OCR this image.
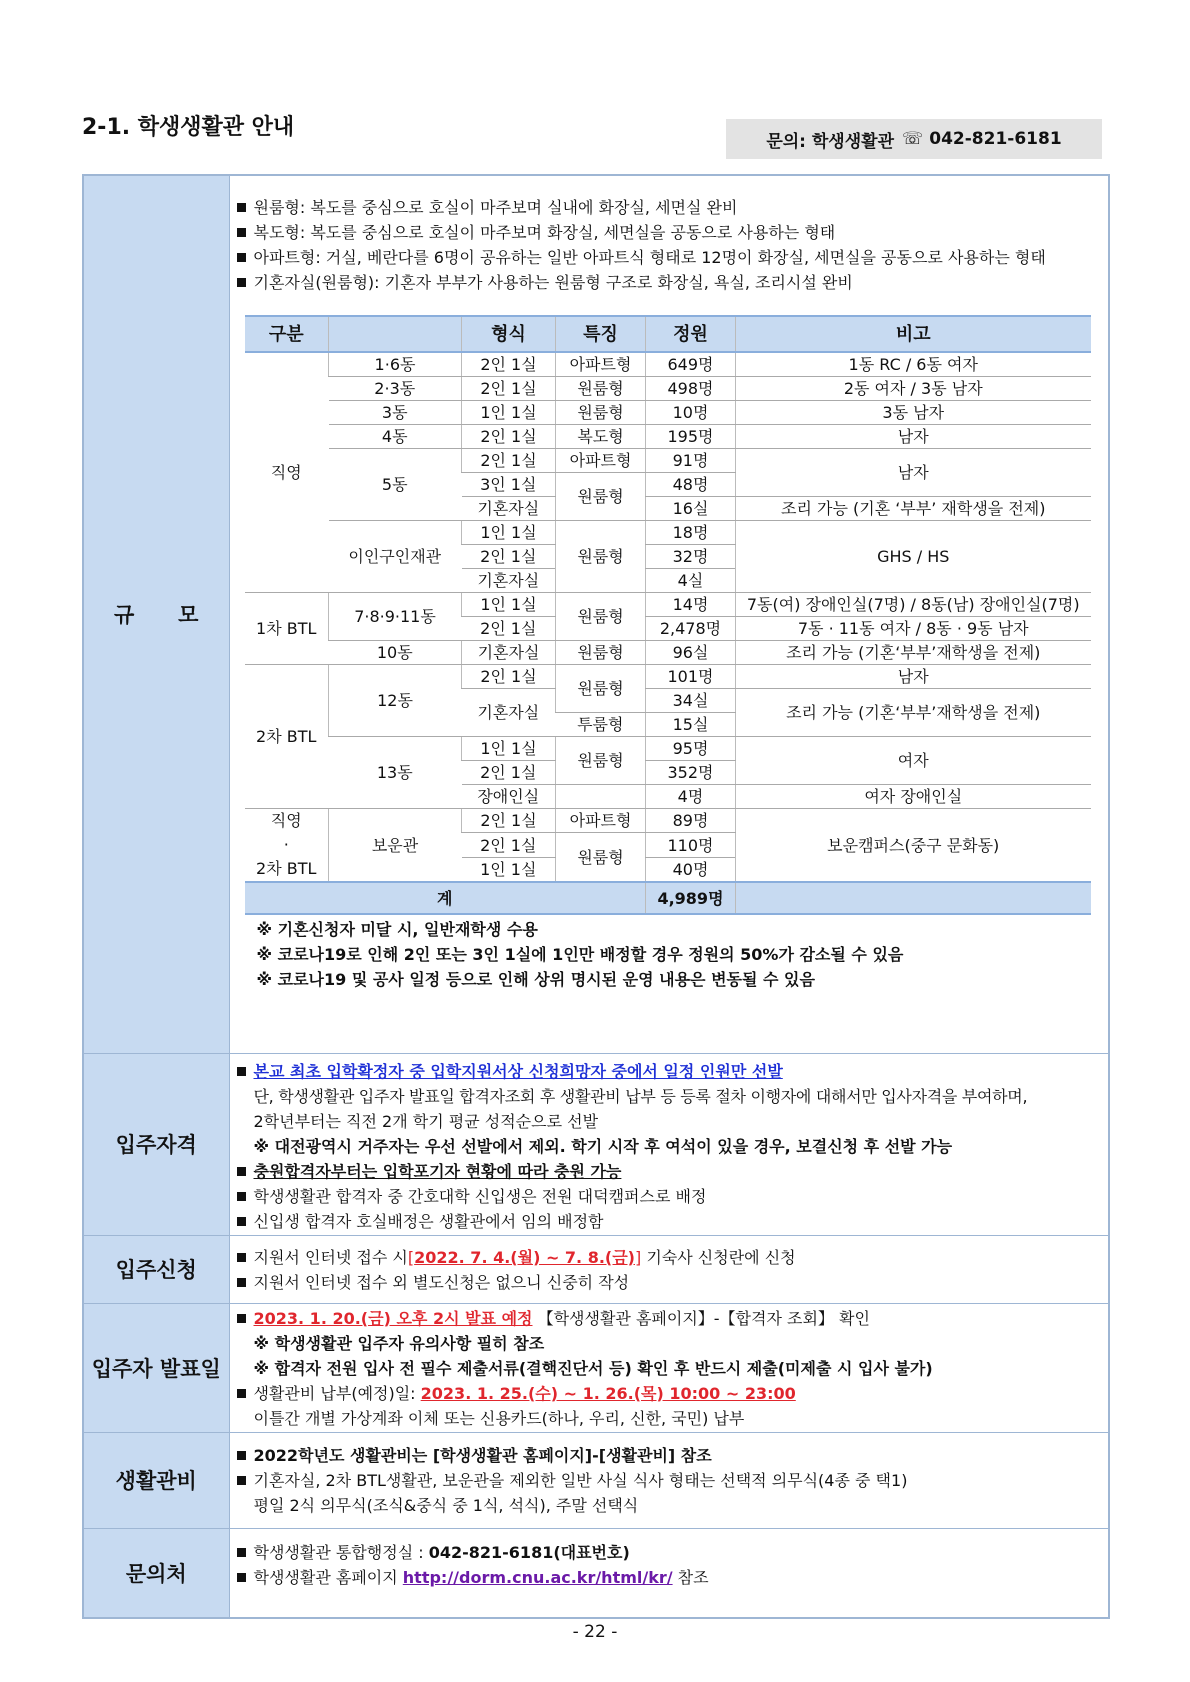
2-1. 학생생활관 안내
문의: 학생생활관 ☏ 042-821-6181
규      모	
원룸형: 복도를 중심으로 호실이 마주보며 실내에 화장실, 세면실 완비
복도형: 복도를 중심으로 호실이 마주보며 화장실, 세면실을 공동으로 사용하는 형태
아파트형: 거실, 베란다를 6명이 공유하는 일반 아파트식 형태로 12명이 화장실, 세면실을 공동으로 사용하는 형태
기혼자실(원룸형): 기혼자 부부가 사용하는 원룸형 구조로 화장실, 욕실, 조리시설 완비
구분		형식	특징	정원	비고
직영	1·6동	2인 1실	아파트형	649명	1동 RC / 6동 여자
2·3동	2인 1실	원룸형	498명	2동 여자 / 3동 남자
3동	1인 1실	원룸형	10명	3동 남자
4동	2인 1실	복도형	195명	남자
5동	2인 1실	아파트형	91명	남자
3인 1실	원룸형	48명
기혼자실	16실	조리 가능 (기혼 ‘부부’ 재학생을 전제)
이인구인재관	1인 1실	원룸형	18명	GHS / HS
2인 1실	32명
기혼자실	4실
1차 BTL	7·8·9·11동	1인 1실	원룸형	14명	7동(여) 장애인실(7명) / 8동(남) 장애인실(7명)
2인 1실	2,478명	7동 · 11동 여자 / 8동 · 9동 남자
10동	기혼자실	원룸형	96실	조리 가능 (기혼‘부부’재학생을 전제)
2차 BTL	12동	2인 1실	원룸형	101명	남자
기혼자실	34실	조리 가능 (기혼‘부부’재학생을 전제)
투룸형	15실
13동	1인 1실	원룸형	95명	여자
2인 1실	352명
장애인실		4명	여자 장애인실

직영
·
2차 BTL
	보운관	2인 1실	아파트형	89명	보운캠퍼스(중구 문화동)
2인 1실	원룸형	110명
1인 1실	40명
계	4,989명	
※ 기혼신청자 미달 시, 일반재학생 수용
※ 코로나19로 인해 2인 또는 3인 1실에 1인만 배정할 경우 정원의 50%가 감소될 수 있음
※ 코로나19 및 공사 일정 등으로 인해 상위 명시된 운영 내용은 변동될 수 있음

입주자격	
본교 최초 입학확정자 중 입학지원서상 신청희망자 중에서 일정 인원만 선발
단, 학생생활관 입주자 발표일 합격자조회 후 생활관비 납부 등 등록 절차 이행자에 대해서만 입사자격을 부여하며,
2학년부터는 직전 2개 학기 평균 성적순으로 선발
※ 대전광역시 거주자는 우선 선발에서 제외. 학기 시작 후 여석이 있을 경우, 보결신청 후 선발 가능
충원합격자부터는 입학포기자 현황에 따라 충원 가능
학생생활관 합격자 중 간호대학 신입생은 전원 대덕캠퍼스로 배정
신입생 합격자 호실배정은 생활관에서 임의 배정함

입주신청	
지원서 인터넷 접수 시[2022. 7. 4.(월) ~ 7. 8.(금)] 기숙사 신청란에 신청
지원서 인터넷 접수 외 별도신청은 없으니 신중히 작성

입주자 발표일	
2023. 1. 20.(금) 오후 2시 발표 예정 【학생생활관 홈페이지】-【합격자 조회】 확인
※ 학생생활관 입주자 유의사항 필히 참조
※ 합격자 전원 입사 전 필수 제출서류(결핵진단서 등) 확인 후 반드시 제출(미제출 시 입사 불가)
생활관비 납부(예정)일: 2023. 1. 25.(수) ~ 1. 26.(목) 10:00 ~ 23:00
이틀간 개별 가상계좌 이체 또는 신용카드(하나, 우리, 신한, 국민) 납부

생활관비	
2022학년도 생활관비는 [학생생활관 홈페이지]-[생활관비] 참조
기혼자실, 2차 BTL생활관, 보운관을 제외한 일반 사실 식사 형태는 선택적 의무식(4종 중 택1)
평일 2식 의무식(조식&중식 중 1식, 석식), 주말 선택식

문의처	
학생생활관 통합행정실 : 042-821-6181(대표번호)
학생생활관 홈페이지 http://dorm.cnu.ac.kr/html/kr/ 참조
- 22 -
